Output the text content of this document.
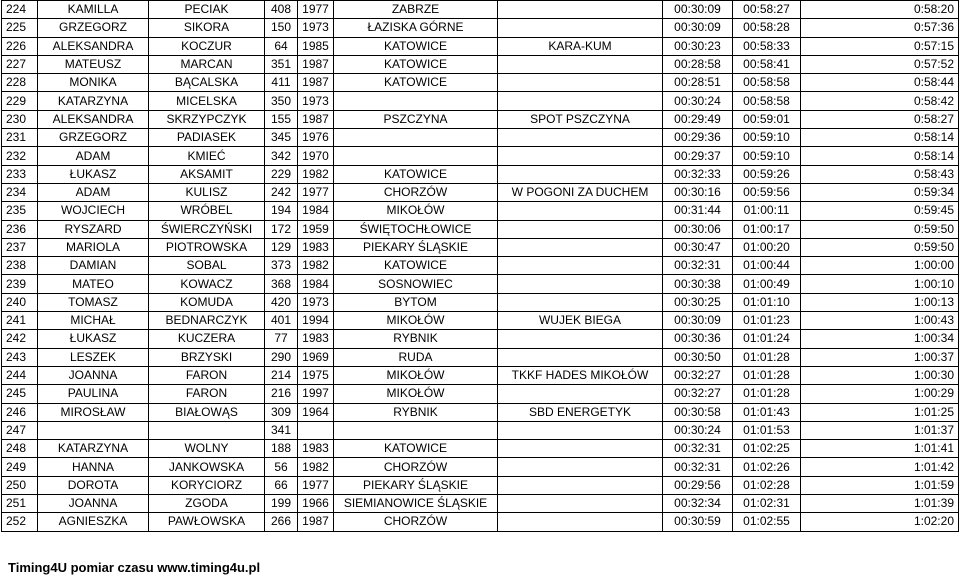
224	KAMILLA	PECIAK	408	1977	ZABRZE		00:30:09	00:58:27	0:58:20
225	GRZEGORZ	SIKORA	150	1973	ŁAZISKA GÓRNE		00:30:09	00:58:28	0:57:36
226	ALEKSANDRA	KOCZUR	64	1985	KATOWICE	KARA-KUM	00:30:23	00:58:33	0:57:15
227	MATEUSZ	MARCAN	351	1987	KATOWICE		00:28:58	00:58:41	0:57:52
228	MONIKA	BĄCALSKA	411	1987	KATOWICE		00:28:51	00:58:58	0:58:44
229	KATARZYNA	MICELSKA	350	1973			00:30:24	00:58:58	0:58:42
230	ALEKSANDRA	SKRZYPCZYK	155	1987	PSZCZYNA	SPOT PSZCZYNA	00:29:49	00:59:01	0:58:27
231	GRZEGORZ	PADIASEK	345	1976			00:29:36	00:59:10	0:58:14
232	ADAM	KMIEĆ	342	1970			00:29:37	00:59:10	0:58:14
233	ŁUKASZ	AKSAMIT	229	1982	KATOWICE		00:32:33	00:59:26	0:58:43
234	ADAM	KULISZ	242	1977	CHORZÓW	W POGONI ZA DUCHEM	00:30:16	00:59:56	0:59:34
235	WOJCIECH	WRÓBEL	194	1984	MIKOŁÓW		00:31:44	01:00:11	0:59:45
236	RYSZARD	ŚWIERCZYŃSKI	172	1959	ŚWIĘTOCHŁOWICE		00:30:06	01:00:17	0:59:50
237	MARIOLA	PIOTROWSKA	129	1983	PIEKARY ŚLĄSKIE		00:30:47	01:00:20	0:59:50
238	DAMIAN	SOBAL	373	1982	KATOWICE		00:32:31	01:00:44	1:00:00
239	MATEO	KOWACZ	368	1984	SOSNOWIEC		00:30:38	01:00:49	1:00:10
240	TOMASZ	KOMUDA	420	1973	BYTOM		00:30:25	01:01:10	1:00:13
241	MICHAŁ	BEDNARCZYK	401	1994	MIKOŁÓW	WUJEK BIEGA	00:30:09	01:01:23	1:00:43
242	ŁUKASZ	KUCZERA	77	1983	RYBNIK		00:30:36	01:01:24	1:00:34
243	LESZEK	BRZYSKI	290	1969	RUDA		00:30:50	01:01:28	1:00:37
244	JOANNA	FARON	214	1975	MIKOŁÓW	TKKF HADES MIKOŁÓW	00:32:27	01:01:28	1:00:30
245	PAULINA	FARON	216	1997	MIKOŁÓW		00:32:27	01:01:28	1:00:29
246	MIROSŁAW	BIAŁOWĄS	309	1964	RYBNIK	SBD ENERGETYK	00:30:58	01:01:43	1:01:25
247			341				00:30:24	01:01:53	1:01:37
248	KATARZYNA	WOLNY	188	1983	KATOWICE		00:32:31	01:02:25	1:01:41
249	HANNA	JANKOWSKA	56	1982	CHORZÓW		00:32:31	01:02:26	1:01:42
250	DOROTA	KORYCIORZ	66	1977	PIEKARY ŚLĄSKIE		00:29:56	01:02:28	1:01:59
251	JOANNA	ZGODA	199	1966	SIEMIANOWICE ŚLĄSKIE		00:32:34	01:02:31	1:01:39
252	AGNIESZKA	PAWŁOWSKA	266	1987	CHORZÓW		00:30:59	01:02:55	1:02:20
Timing4U pomiar czasu www.timing4u.pl
